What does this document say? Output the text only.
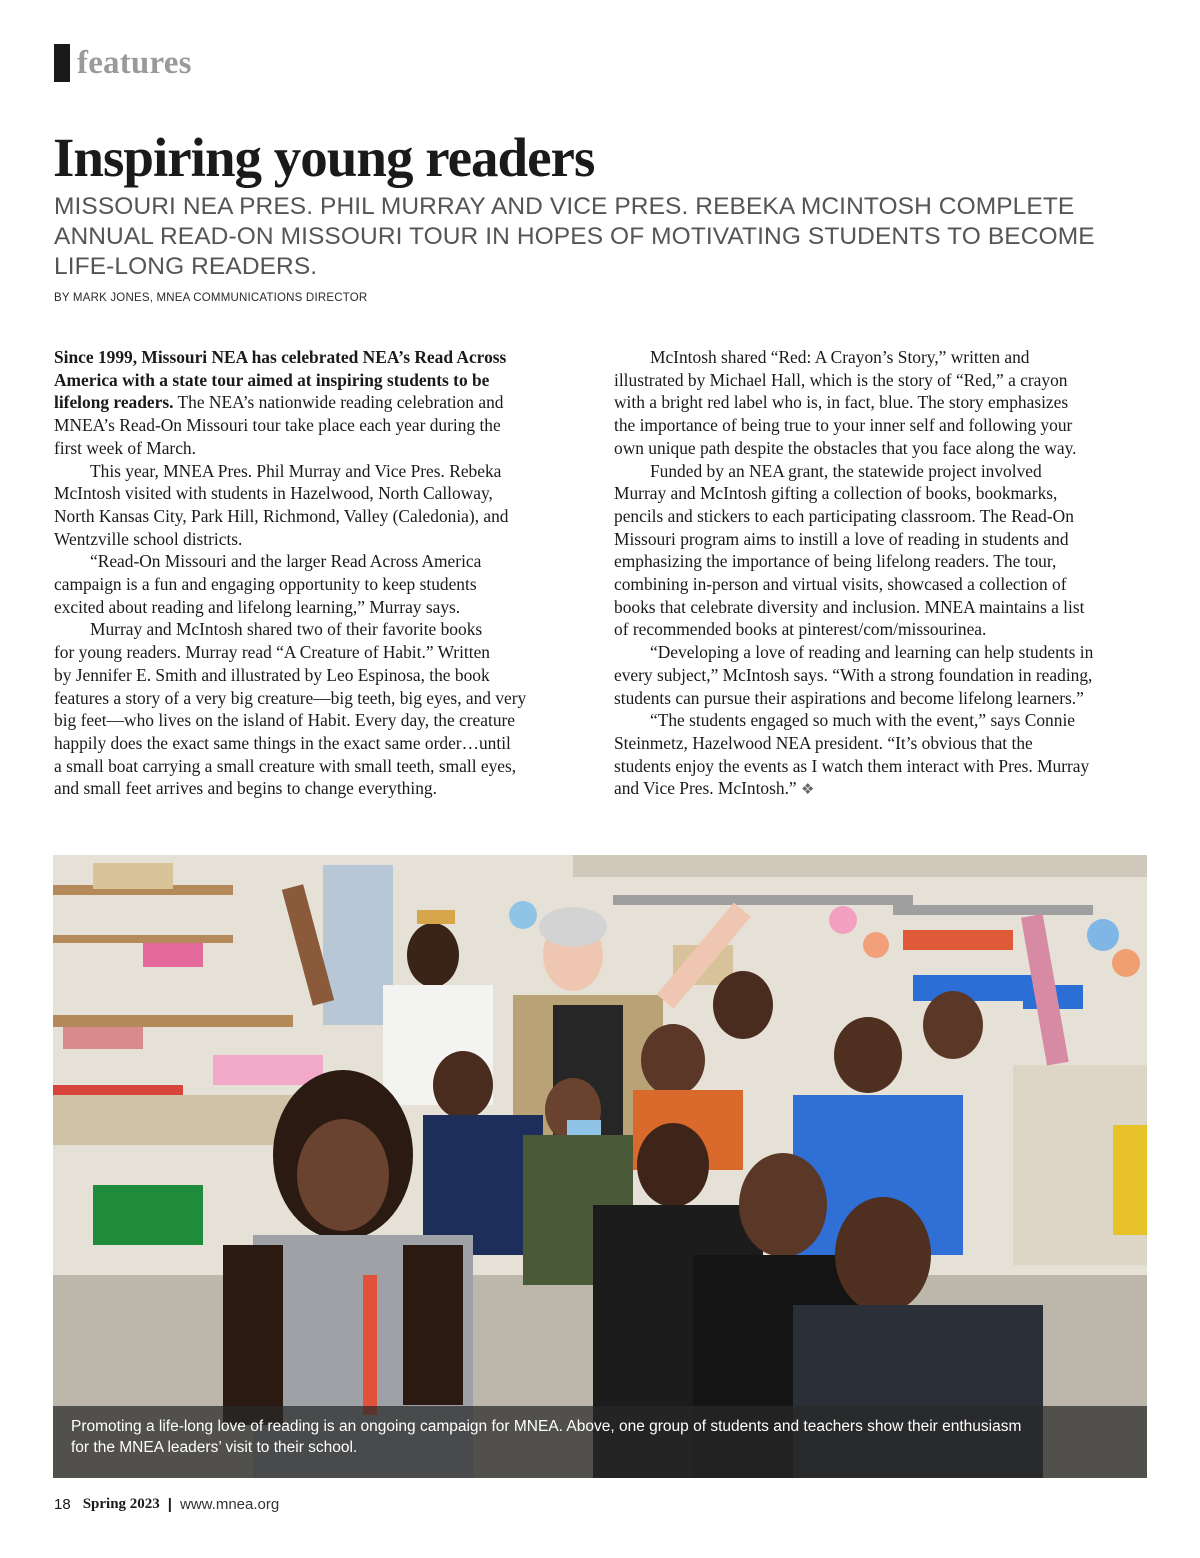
features
Inspiring young readers
MISSOURI NEA PRES. PHIL MURRAY AND VICE PRES. REBEKA MCINTOSH COMPLETE
ANNUAL READ-ON MISSOURI TOUR IN HOPES OF MOTIVATING STUDENTS TO BECOME
LIFE-LONG READERS.
BY MARK JONES, MNEA COMMUNICATIONS DIRECTOR
Since 1999, Missouri NEA has celebrated NEA’s Read Across
America with a state tour aimed at inspiring students to be
lifelong readers. The NEA’s nationwide reading celebration and
MNEA’s Read-On Missouri tour take place each year during the
first week of March.
This year, MNEA Pres. Phil Murray and Vice Pres. Rebeka
McIntosh visited with students in Hazelwood, North Calloway,
North Kansas City, Park Hill, Richmond, Valley (Caledonia), and
Wentzville school districts.
“Read-On Missouri and the larger Read Across America
campaign is a fun and engaging opportunity to keep students
excited about reading and lifelong learning,” Murray says.
Murray and McIntosh shared two of their favorite books
for young readers. Murray read “A Creature of Habit.” Written
by Jennifer E. Smith and illustrated by Leo Espinosa, the book
features a story of a very big creature—big teeth, big eyes, and very
big feet—who lives on the island of Habit. Every day, the creature
happily does the exact same things in the exact same order…until
a small boat carrying a small creature with small teeth, small eyes,
and small feet arrives and begins to change everything.
McIntosh shared “Red: A Crayon’s Story,” written and
illustrated by Michael Hall, which is the story of “Red,” a crayon
with a bright red label who is, in fact, blue. The story emphasizes
the importance of being true to your inner self and following your
own unique path despite the obstacles that you face along the way.
Funded by an NEA grant, the statewide project involved
Murray and McIntosh gifting a collection of books, bookmarks,
pencils and stickers to each participating classroom. The Read-On
Missouri program aims to instill a love of reading in students and
emphasizing the importance of being lifelong readers. The tour,
combining in-person and virtual visits, showcased a collection of
books that celebrate diversity and inclusion. MNEA maintains a list
of recommended books at pinterest/com/missourinea.
“Developing a love of reading and learning can help students in
every subject,” McIntosh says. “With a strong foundation in reading,
students can pursue their aspirations and become lifelong learners.”
“The students engaged so much with the event,” says Connie
Steinmetz, Hazelwood NEA president. “It’s obvious that the
students enjoy the events as I watch them interact with Pres. Murray
and Vice Pres. McIntosh.” ❖
Promoting a life-long love of reading is an ongoing campaign for MNEA. Above, one group of students and teachers show their enthusiasm
for the MNEA leaders’ visit to their school.
18 Spring 2023 | www.mnea.org
